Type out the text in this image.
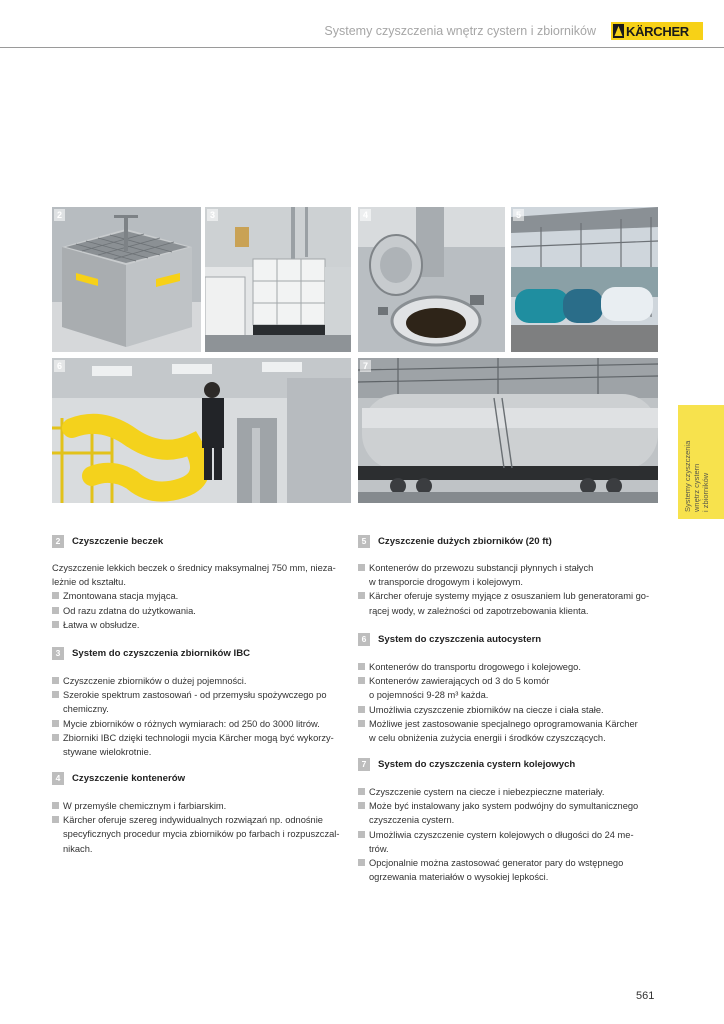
Systemy czyszczenia wnętrz cystern i zbiorników KÄRCHER
2	3	4	5
6	7
Systemy czyszczenia wnętrz cystern i zbiorników
2	Czyszczenie beczek

Czyszczenie lekkich beczek o średnicy maksymalnej 750 mm, nieza-

leżnie od kształtu.

Zmontowana stacja myjąca.
Od razu zdatna do użytkowania.
Łatwa w obsłudze.
3	System do czyszczenia zbiorników IBC
Czyszczenie zbiorników o dużej pojemności.
Szerokie spektrum zastosowań - od przemysłu spożywczego po
chemiczny.
Mycie zbiorników o różnych wymiarach: od 250 do 3000 litrów.
Zbiorniki IBC dzięki technologii mycia Kärcher mogą być wykorzy-
stywane wielokrotnie.
4	Czyszczenie kontenerów
W przemyśle chemicznym i farbiarskim.
Kärcher oferuje szereg indywidualnych rozwiązań np. odnośnie
specyficznych procedur mycia zbiorników po farbach i rozpuszczal-
nikach.
5	Czyszczenie dużych zbiorników (20 ft)
Kontenerów do przewozu substancji płynnych i stałych
w transporcie drogowym i kolejowym.
Kärcher oferuje systemy myjące z osuszaniem lub generatorami go-
rącej wody, w zależności od zapotrzebowania klienta.
6	System do czyszczenia autocystern
Kontenerów do transportu drogowego i kolejowego.
Kontenerów zawierających od 3 do 5 komór
o pojemności 9-28 m³ każda.
Umożliwia czyszczenie zbiorników na ciecze i ciała stałe.
Możliwe jest zastosowanie specjalnego oprogramowania Kärcher
w celu obniżenia zużycia energii i środków czyszczących.
7	System do czyszczenia cystern kolejowych
Czyszczenie cystern na ciecze i niebezpieczne materiały.
Może być instalowany jako system podwójny do symultanicznego
czyszczenia cystern.
Umożliwia czyszczenie cystern kolejowych o długości do 24 me-
trów.
Opcjonalnie można zastosować generator pary do wstępnego
ogrzewania materiałów o wysokiej lepkości.
561
